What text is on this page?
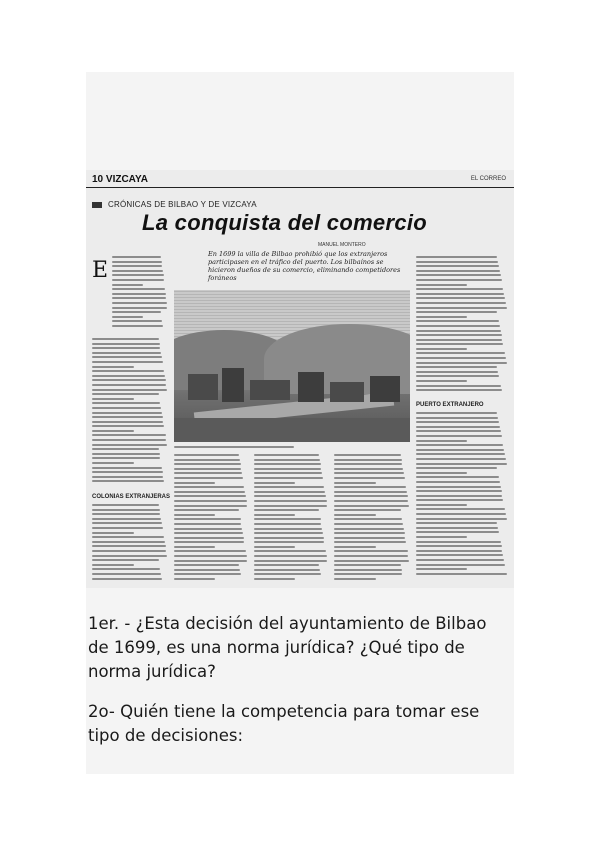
10 VIZCAYA	EL CORREO
CRÓNICAS DE BILBAO Y DE VIZCAYA
La conquista del comercio
MANUEL MONTERO
En 1699 la villa de Bilbao prohibió que los extranjeros participasen en el tráfico del puerto. Los bilbaínos se hicieron dueños de su comercio, eliminando competidores foráneos
E
COLONIAS EXTRANJERAS
PUERTO EXTRANJERO

1er. - ¿Esta decisión del ayuntamiento de Bilbao de 1699, es una norma jurídica? ¿Qué tipo de norma jurídica?

2o- Quién tiene la competencia para tomar ese tipo de decisiones:
